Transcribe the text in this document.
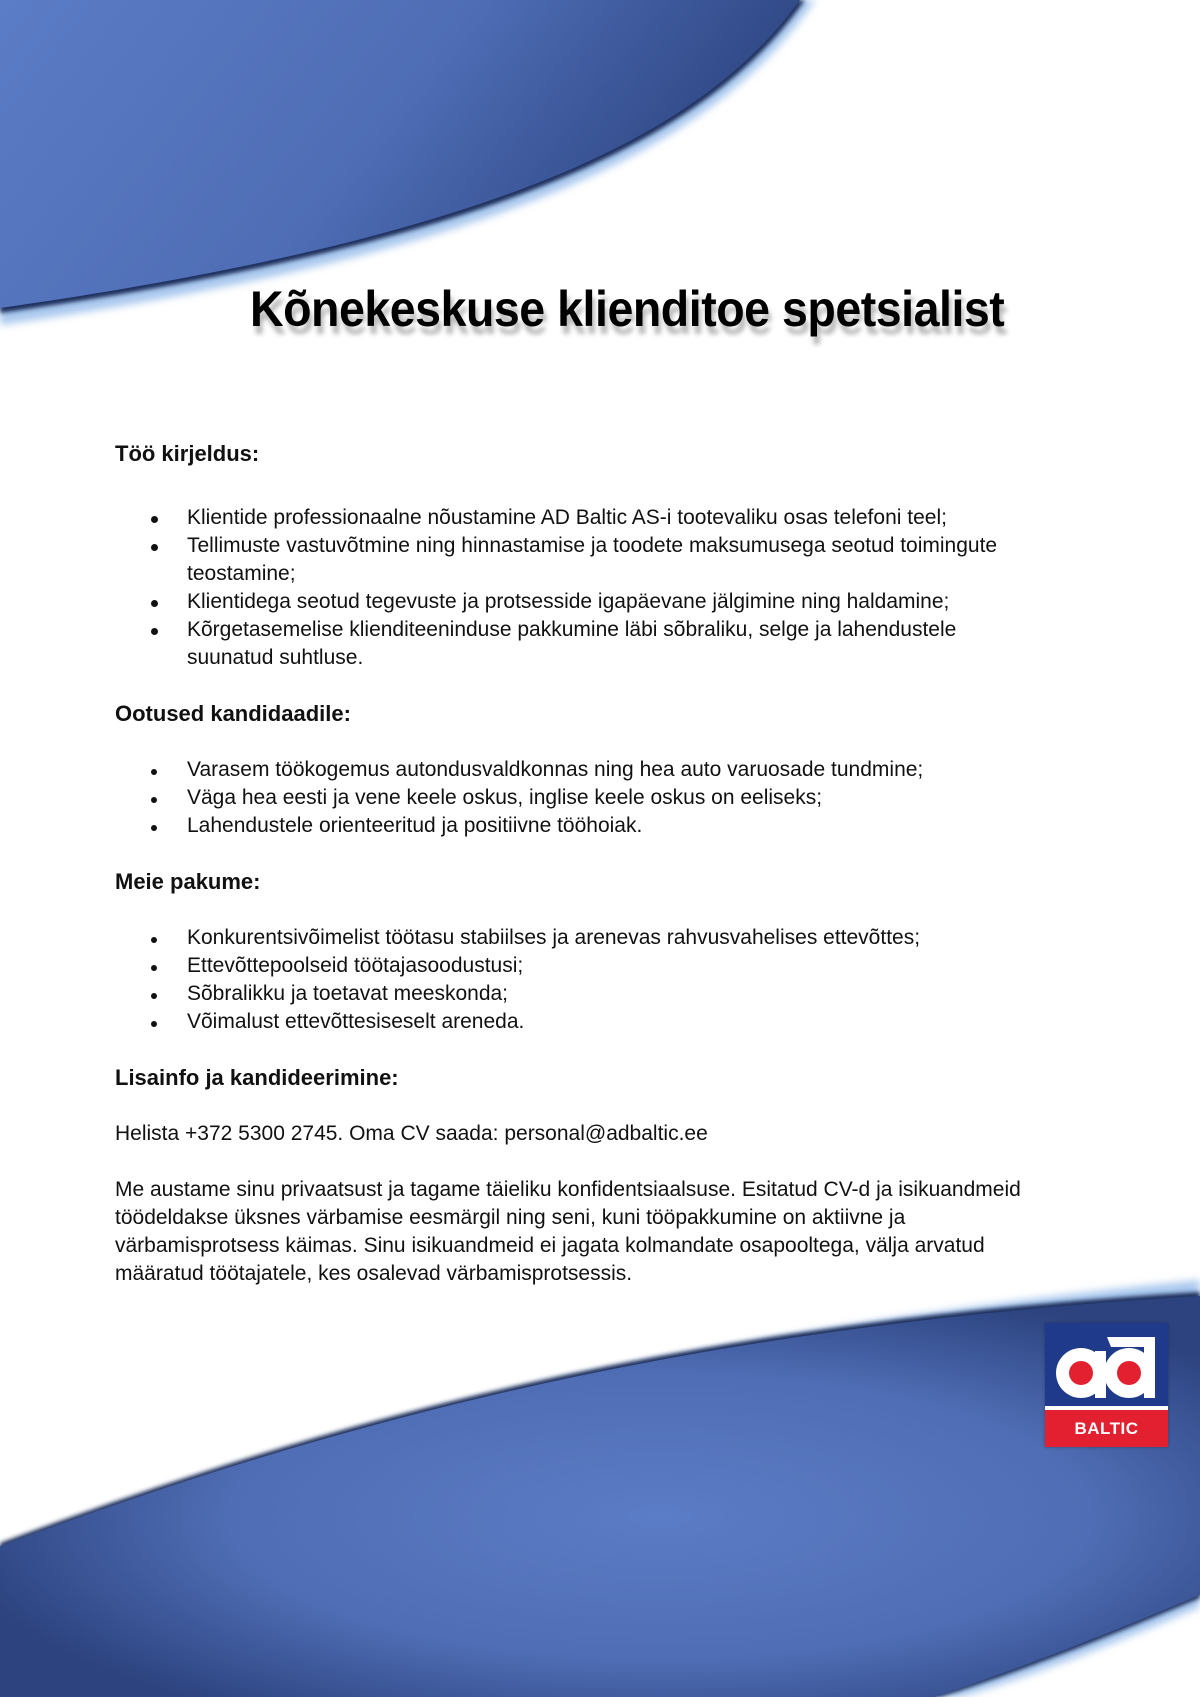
Kõnekeskuse klienditoe spetsialist
Töö kirjeldus:
Klientide professionaalne nõustamine AD Baltic AS-i tootevaliku osas telefoni teel;
Tellimuste vastuvõtmine ning hinnastamise ja toodete maksumusega seotud toimingute
teostamine;
Klientidega seotud tegevuste ja protsesside igapäevane jälgimine ning haldamine;
Kõrgetasemelise klienditeeninduse pakkumine läbi sõbraliku, selge ja lahendustele
suunatud suhtluse.
Ootused kandidaadile:
Varasem töökogemus autondusvaldkonnas ning hea auto varuosade tundmine;
Väga hea eesti ja vene keele oskus, inglise keele oskus on eeliseks;
Lahendustele orienteeritud ja positiivne tööhoiak.
Meie pakume:
Konkurentsivõimelist töötasu stabiilses ja arenevas rahvusvahelises ettevõttes;
Ettevõttepoolseid töötajasoodustusi;
Sõbralikku ja toetavat meeskonda;
Võimalust ettevõttesiseselt areneda.
Lisainfo ja kandideerimine:

Helista +372 5300 2745. Oma CV saada: personal@adbaltic.ee

Me austame sinu privaatsust ja tagame täieliku konfidentsiaalsuse. Esitatud CV-d ja isikuandmeid

töödeldakse üksnes värbamise eesmärgil ning seni, kuni tööpakkumine on aktiivne ja

värbamisprotsess käimas. Sinu isikuandmeid ei jagata kolmandate osapooltega, välja arvatud

määratud töötajatele, kes osalevad värbamisprotsessis.

BALTIC
